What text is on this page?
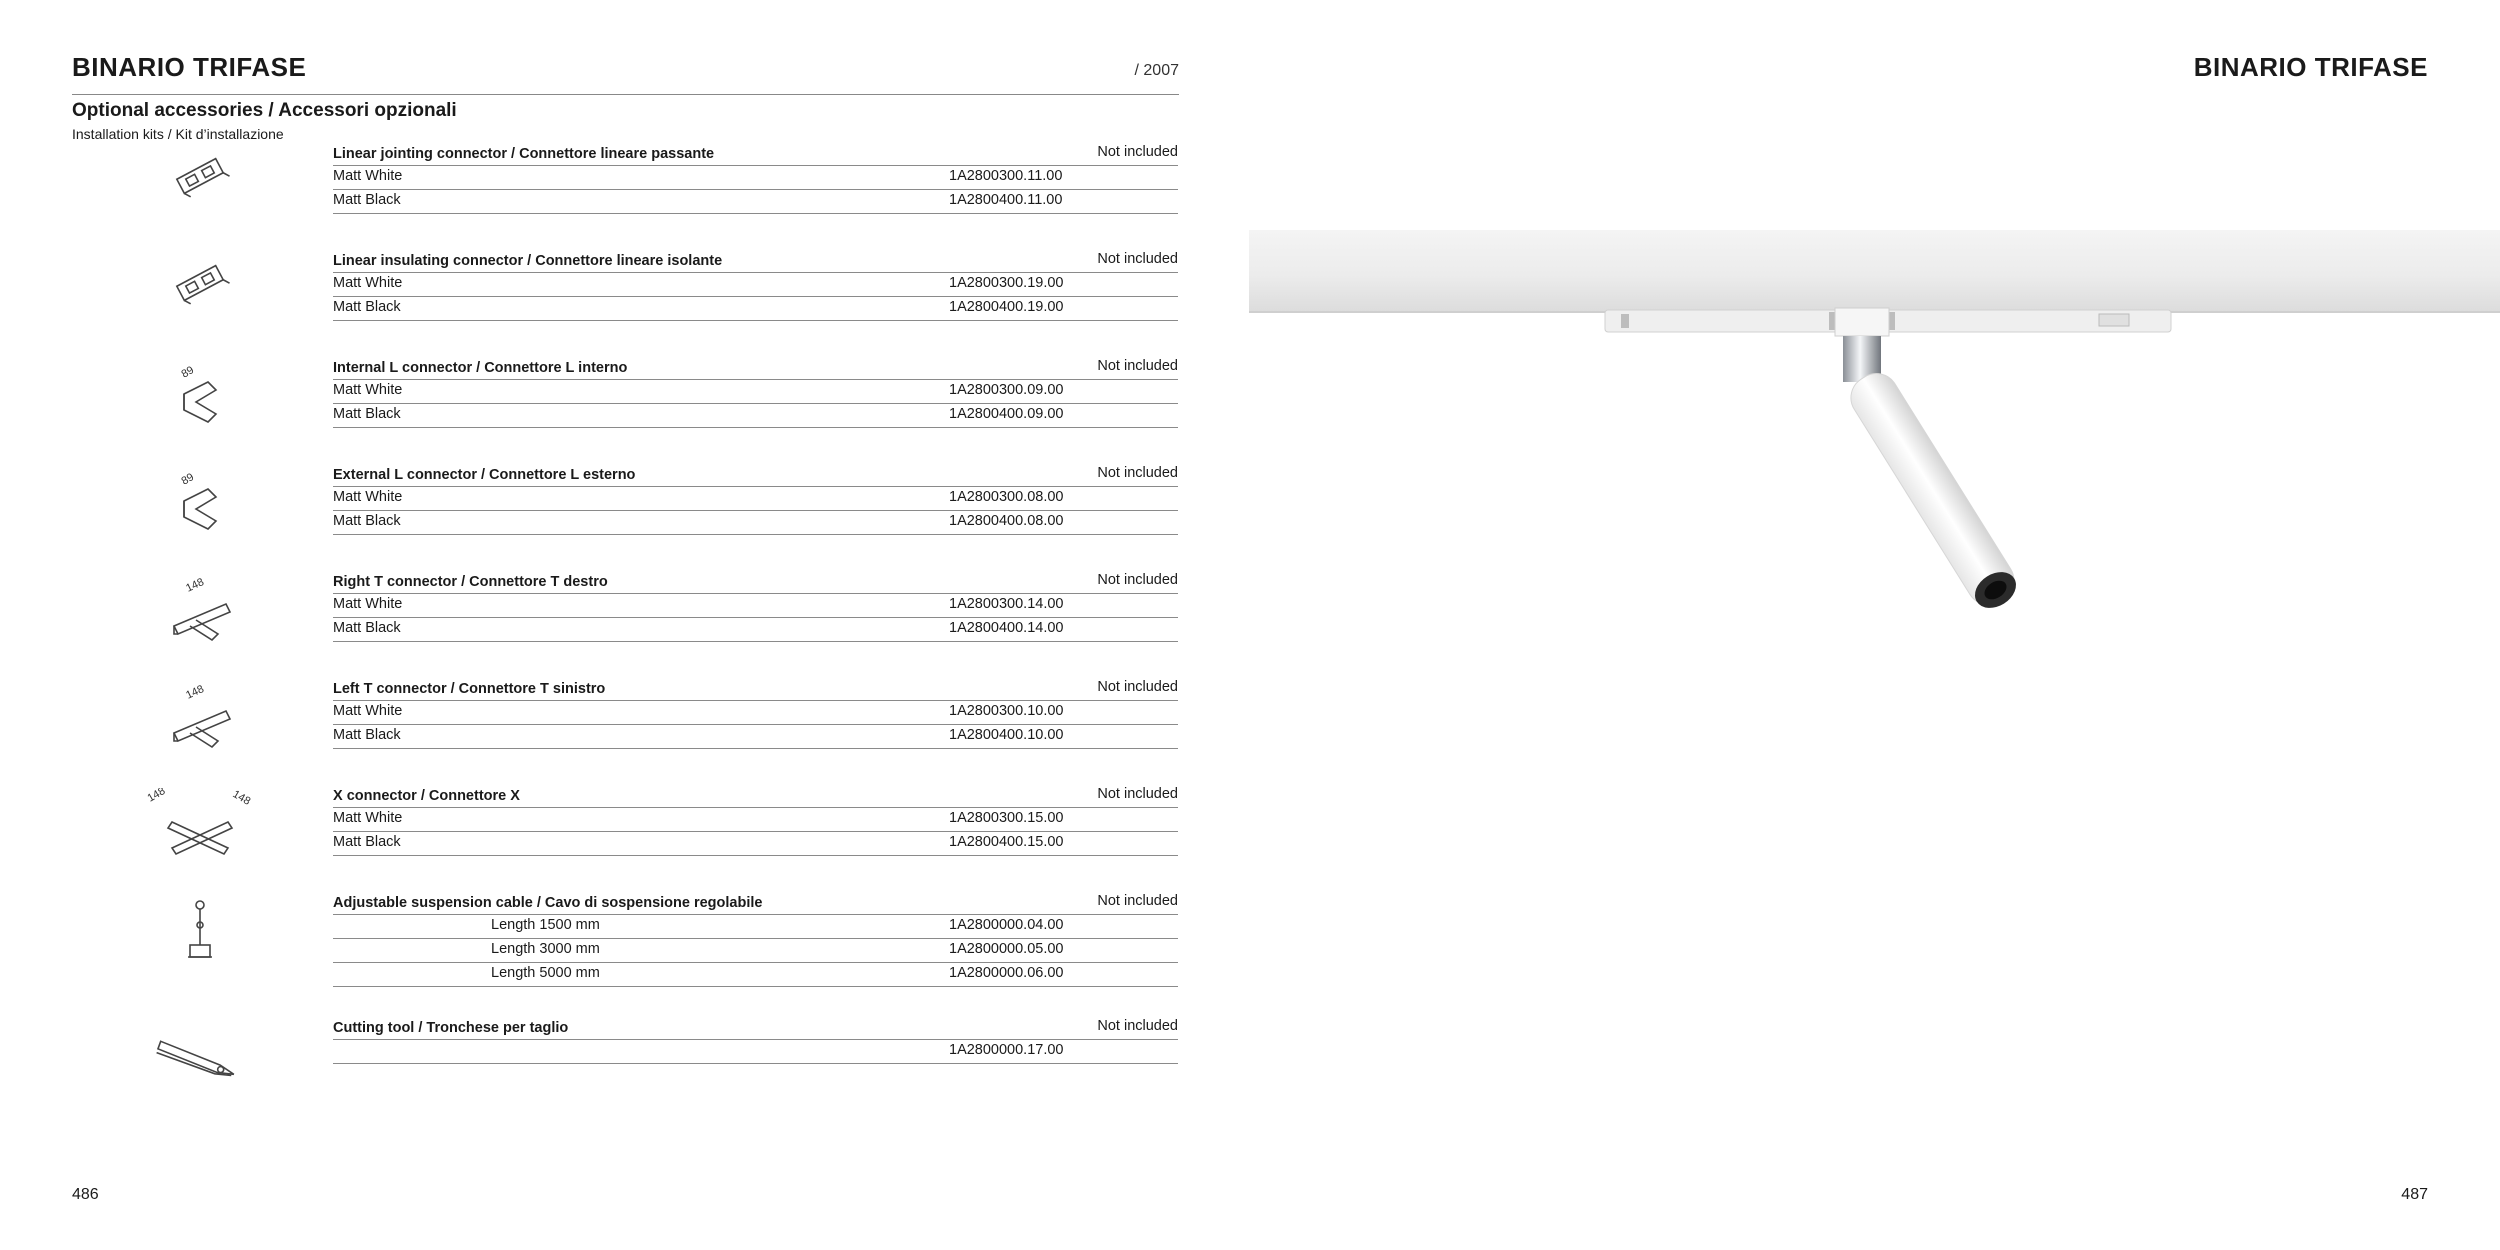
BINARIO TRIFASE	/ 2007	BINARIO TRIFASE
Optional accessories / Accessori opzionali
Installation kits / Kit d’installazione
Linear jointing connector / Connettore lineare passante	Not included
Matt White	1A2800300.11.00
Matt Black	1A2800400.11.00
Linear insulating connector / Connettore lineare isolante	Not included
Matt White	1A2800300.19.00
Matt Black	1A2800400.19.00
89	Internal L connector / Connettore L interno	Not included
Matt White	1A2800300.09.00
Matt Black	1A2800400.09.00
89	External L connector / Connettore L esterno	Not included
Matt White	1A2800300.08.00
Matt Black	1A2800400.08.00
148	Right T connector / Connettore T destro	Not included
Matt White	1A2800300.14.00
Matt Black	1A2800400.14.00
148	Left T connector / Connettore T sinistro	Not included
Matt White	1A2800300.10.00
Matt Black	1A2800400.10.00
148	148	X connector / Connettore X	Not included
Matt White	1A2800300.15.00
Matt Black	1A2800400.15.00
Adjustable suspension cable / Cavo di sospensione regolabile	Not included
Length 1500 mm	1A2800000.04.00
Length 3000 mm	1A2800000.05.00
Length 5000 mm	1A2800000.06.00
Cutting tool / Tronchese per taglio	Not included
1A2800000.17.00
486	487
